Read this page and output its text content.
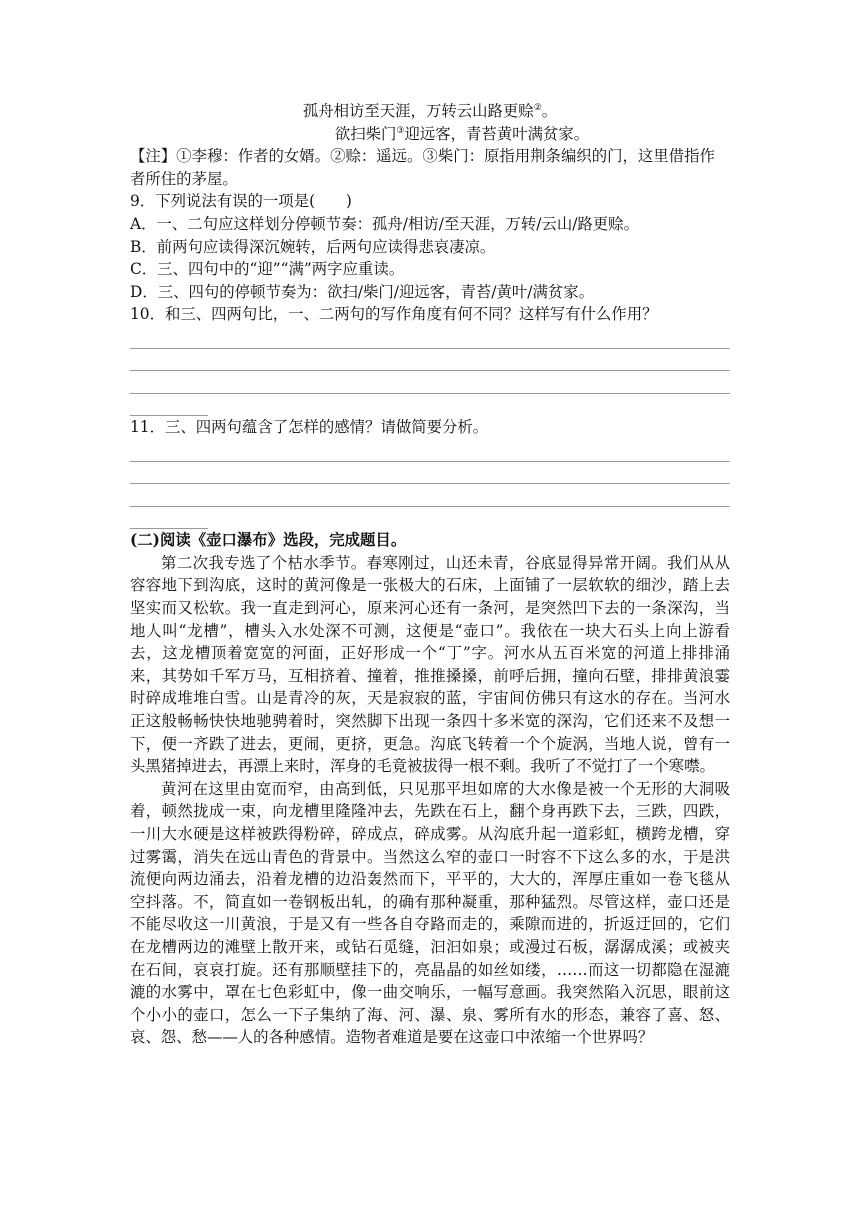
孤舟相访至天涯，万转云山路更赊②。
欲扫柴门③迎远客，青苔黄叶满贫家。

【注】①李穆：作者的女婿。②赊：遥远。③柴门：原指用荆条编织的门，这里借指作者所住的茅屋。

9．下列说法有误的一项是(　　)

A．一、二句应这样划分停顿节奏：孤舟/相访/至天涯，万转/云山/路更赊。

B．前两句应读得深沉婉转，后两句应读得悲哀凄凉。

C．三、四句中的“迎”“满”两字应重读。

D．三、四句的停顿节奏为：欲扫/柴门/迎远客，青苔/黄叶/满贫家。

10．和三、四两句比，一、二两句的写作角度有何不同？这样写有什么作用？

11．三、四两句蕴含了怎样的感情？请做简要分析。

(二)阅读《壶口瀑布》选段，完成题目。

第二次我专选了个枯水季节。春寒刚过，山还未青，谷底显得异常开阔。我们从从容容地下到沟底，这时的黄河像是一张极大的石床，上面铺了一层软软的细沙，踏上去坚实而又松软。我一直走到河心，原来河心还有一条河，是突然凹下去的一条深沟，当地人叫“龙槽”，槽头入水处深不可测，这便是“壶口”。我依在一块大石头上向上游看去，这龙槽顶着宽宽的河面，正好形成一个“丁”字。河水从五百米宽的河道上排排涌来，其势如千军万马，互相挤着、撞着，推推搡搡，前呼后拥，撞向石壁，排排黄浪霎时碎成堆堆白雪。山是青冷的灰，天是寂寂的蓝，宇宙间仿佛只有这水的存在。当河水正这般畅畅快快地驰骋着时，突然脚下出现一条四十多米宽的深沟，它们还来不及想一下，便一齐跌了进去，更闹，更挤，更急。沟底飞转着一个个旋涡，当地人说，曾有一头黑猪掉进去，再漂上来时，浑身的毛竟被拔得一根不剩。我听了不觉打了一个寒噤。

黄河在这里由宽而窄，由高到低，只见那平坦如席的大水像是被一个无形的大洞吸着，顿然拢成一束，向龙槽里隆隆冲去，先跌在石上，翻个身再跌下去，三跌，四跌，一川大水硬是这样被跌得粉碎，碎成点，碎成雾。从沟底升起一道彩虹，横跨龙槽，穿过雾霭，消失在远山青色的背景中。当然这么窄的壶口一时容不下这么多的水，于是洪流便向两边涌去，沿着龙槽的边沿轰然而下，平平的，大大的，浑厚庄重如一卷飞毯从空抖落。不，简直如一卷钢板出轧，的确有那种凝重，那种猛烈。尽管这样，壶口还是不能尽收这一川黄浪，于是又有一些各自夺路而走的，乘隙而进的，折返迂回的，它们在龙槽两边的滩壁上散开来，或钻石觅缝，汩汩如泉；或漫过石板，潺潺成溪；或被夹在石间，哀哀打旋。还有那顺壁挂下的，亮晶晶的如丝如缕，……而这一切都隐在湿漉漉的水雾中，罩在七色彩虹中，像一曲交响乐，一幅写意画。我突然陷入沉思，眼前这个小小的壶口，怎么一下子集纳了海、河、瀑、泉、雾所有水的形态，兼容了喜、怒、哀、怨、愁——人的各种感情。造物者难道是要在这壶口中浓缩一个世界吗？
